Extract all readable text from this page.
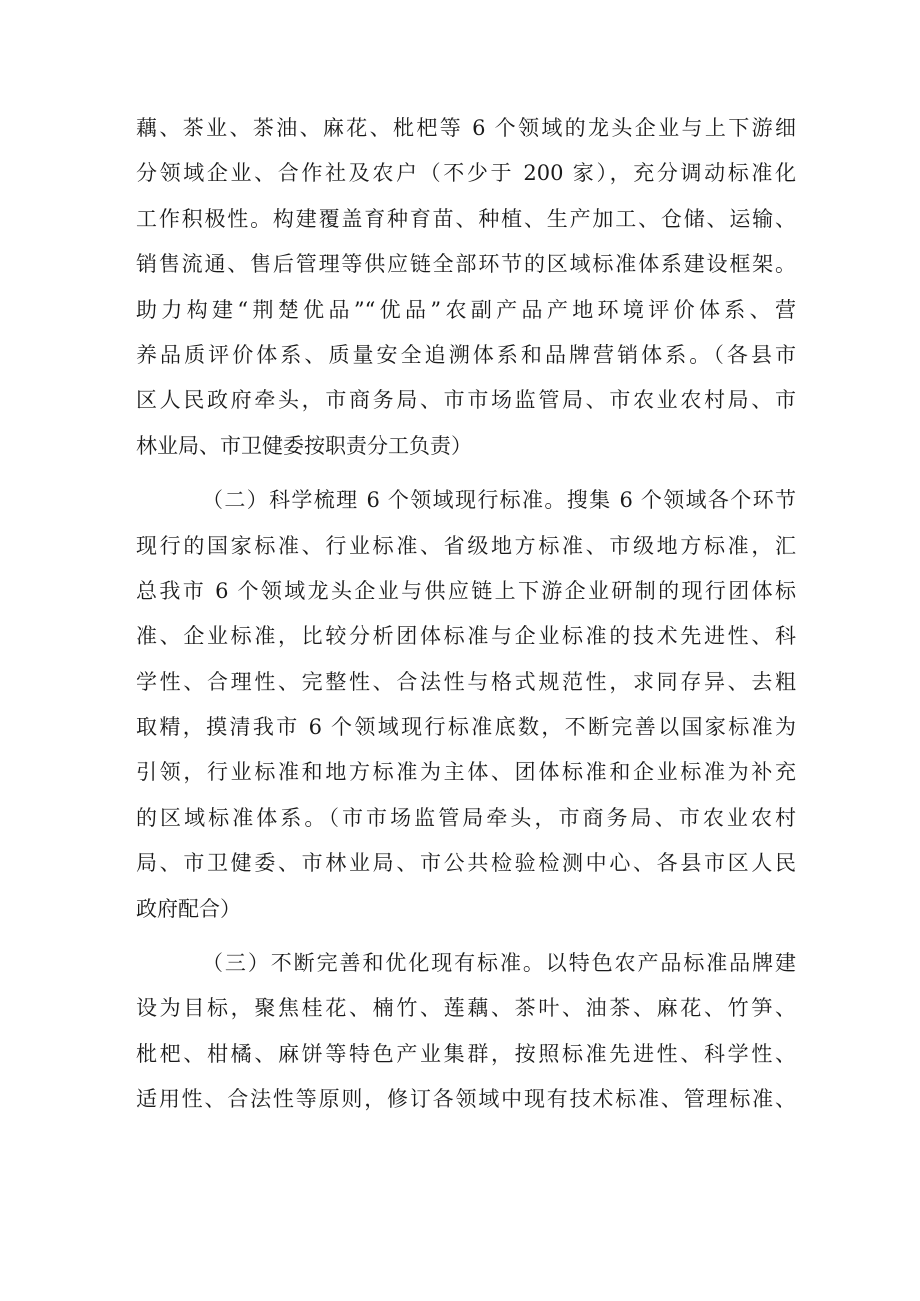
藕、茶业、茶油、麻花、枇杷等 6 个领域的龙头企业与上下游细
分领域企业、合作社及农户（不少于 200 家），充分调动标准化
工作积极性。构建覆盖育种育苗、种植、生产加工、仓储、运输、
销售流通、售后管理等供应链全部环节的区域标准体系建设框架。
助力构建“荆楚优品”“优品”农副产品产地环境评价体系、营
养品质评价体系、质量安全追溯体系和品牌营销体系。（各县市
区人民政府牵头，市商务局、市市场监管局、市农业农村局、市
林业局、市卫健委按职责分工负责）
（二）科学梳理 6 个领域现行标准。搜集 6 个领域各个环节
现行的国家标准、行业标准、省级地方标准、市级地方标准，汇
总我市 6 个领域龙头企业与供应链上下游企业研制的现行团体标
准、企业标准，比较分析团体标准与企业标准的技术先进性、科
学性、合理性、完整性、合法性与格式规范性，求同存异、去粗
取精，摸清我市 6 个领域现行标准底数，不断完善以国家标准为
引领，行业标准和地方标准为主体、团体标准和企业标准为补充
的区域标准体系。（市市场监管局牵头，市商务局、市农业农村
局、市卫健委、市林业局、市公共检验检测中心、各县市区人民
政府配合）
（三）不断完善和优化现有标准。以特色农产品标准品牌建
设为目标，聚焦桂花、楠竹、莲藕、茶叶、油茶、麻花、竹笋、
枇杷、柑橘、麻饼等特色产业集群，按照标准先进性、科学性、
适用性、合法性等原则，修订各领域中现有技术标准、管理标准、
